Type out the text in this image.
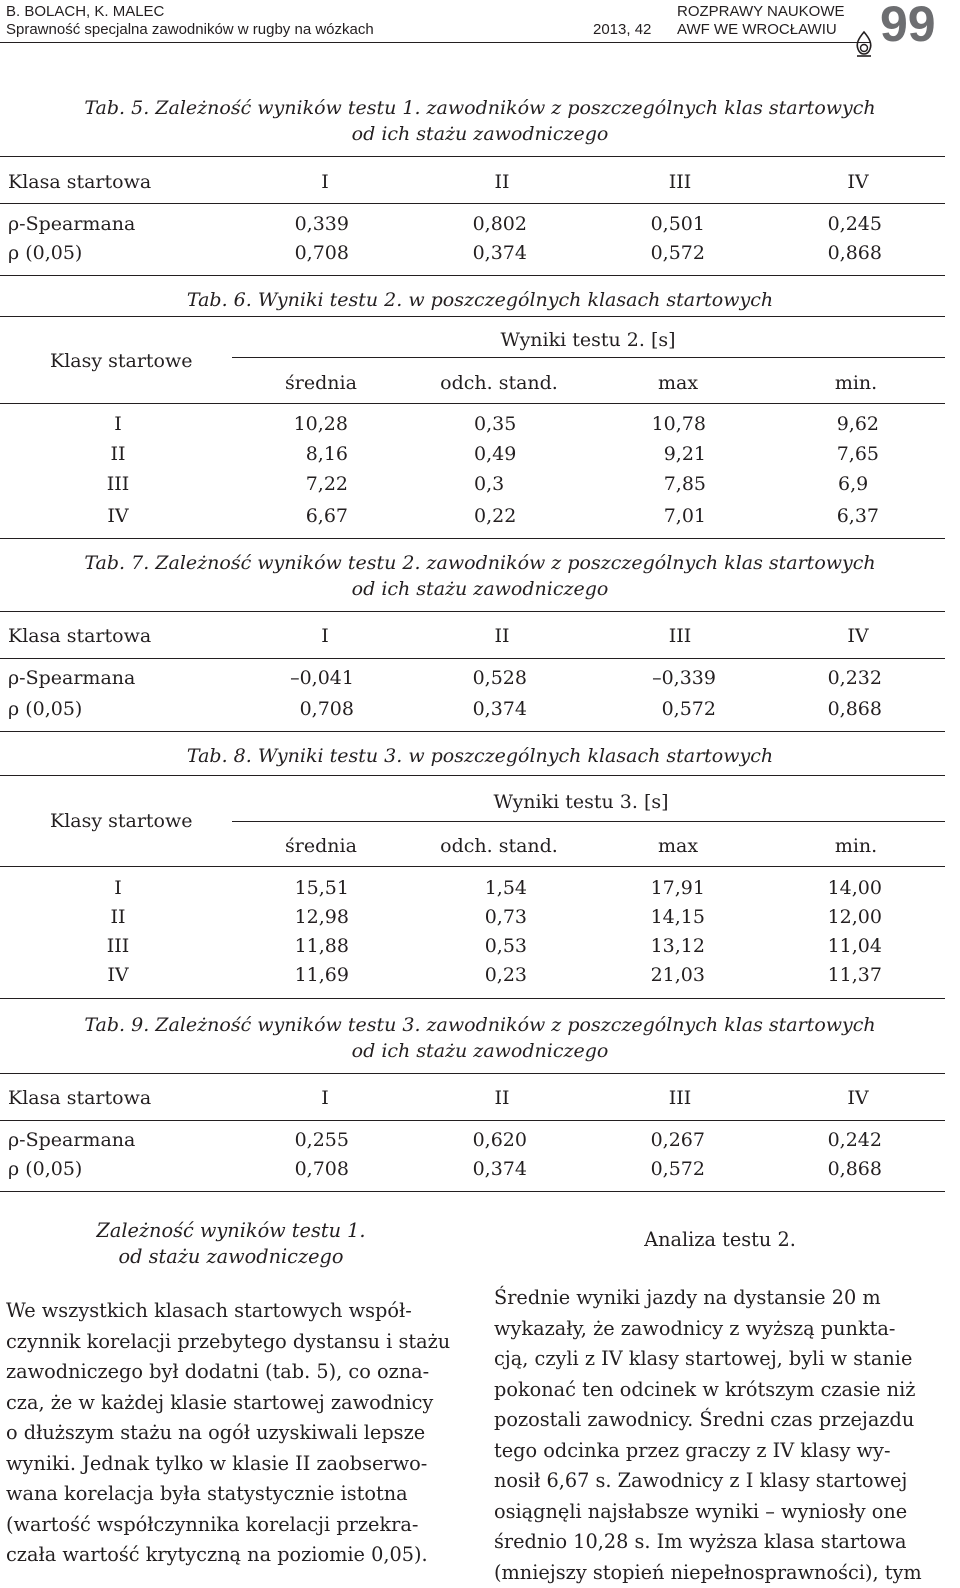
B. BOLACH, K. MALEC
Sprawność specjalna zawodników w rugby na wózkach	2013, 42
ROZPRAWY NAUKOWE
AWF WE WROCŁAWIU 99
Tab. 5. Zależność wyników testu 1. zawodników z poszczególnych klas startowych
od ich stażu zawodniczego
Klasa startowa	I	II	III	IV
ρ-Spearmana	0,339	0,802	0,501	0,245
ρ (0,05)	0,708	0,374	0,572	0,868
Tab. 6. Wyniki testu 2. w poszczególnych klasach startowych
Klasy startowe
Wyniki testu 2. [s]
średnia	odch. stand.	max	min.
I	10,28	0,35	10,78	9,62
II	8,16	0,49	9,21	7,65
III	7,22	0,3	7,85	6,9
IV	6,67	0,22	7,01	6,37
Tab. 7. Zależność wyników testu 2. zawodników z poszczególnych klas startowych
od ich stażu zawodniczego
Klasa startowa	I	II	III	IV
ρ-Spearmana	–0,041	0,528	–0,339	0,232
ρ (0,05)	0,708	0,374	0,572	0,868
Tab. 8. Wyniki testu 3. w poszczególnych klasach startowych
Klasy startowe
Wyniki testu 3. [s]
średnia	odch. stand.	max	min.
I	15,51	1,54	17,91	14,00
II	12,98	0,73	14,15	12,00
III	11,88	0,53	13,12	11,04
IV	11,69	0,23	21,03	11,37
Tab. 9. Zależność wyników testu 3. zawodników z poszczególnych klas startowych
od ich stażu zawodniczego
Klasa startowa	I	II	III	IV
ρ-Spearmana	0,255	0,620	0,267	0,242
ρ (0,05)	0,708	0,374	0,572	0,868
Zależność wyników testu 1.
od stażu zawodniczego

We wszystkich klasach startowych współ-

czynnik korelacji przebytego dystansu i stażu

zawodniczego był dodatni (tab. 5), co ozna-

cza, że w każdej klasie startowej zawodnicy

o dłuższym stażu na ogół uzyskiwali lepsze

wyniki. Jednak tylko w klasie II zaobserwo-

wana korelacja była statystycznie istotna

(wartość współczynnika korelacji przekra-

czała wartość krytyczną na poziomie 0,05).

Analiza testu 2.

Średnie wyniki jazdy na dystansie 20 m

wykazały, że zawodnicy z wyższą punkta-

cją, czyli z IV klasy startowej, byli w stanie

pokonać ten odcinek w krótszym czasie niż

pozostali zawodnicy. Średni czas przejazdu

tego odcinka przez graczy z IV klasy wy-

nosił 6,67 s. Zawodnicy z I klasy startowej

osiągnęli najsłabsze wyniki – wyniosły one

średnio 10,28 s. Im wyższa klasa startowa

(mniejszy stopień niepełnosprawności), tym
